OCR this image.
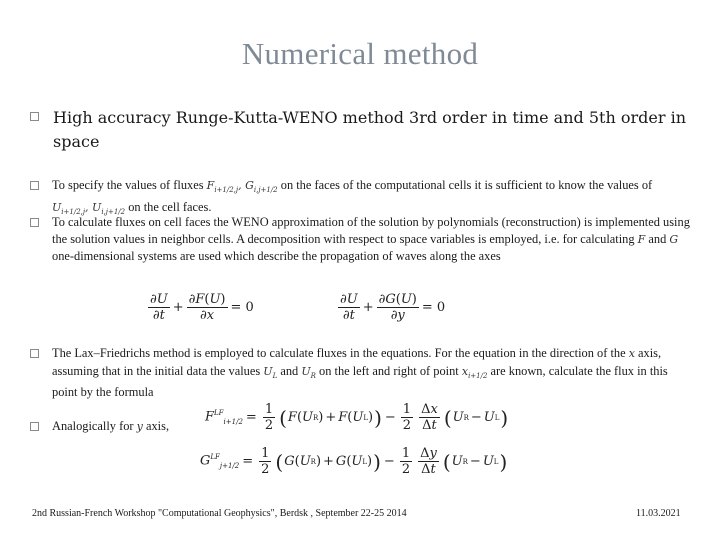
Numerical method
High accuracy Runge-Kutta-WENO method 3rd order in time and 5th order in space
To specify the values of fluxes $F_{i+1/2,j}$, $G_{i,j+1/2}$ on the faces of the computational cells it is sufficient to know the values of $U_{i+1/2,j}$, $U_{i,j+1/2}$ on the cell faces.
To calculate fluxes on cell faces the WENO approximation of the solution by polynomials (reconstruction) is implemented using the solution values in neighbor cells. A decomposition with respect to space variables is employed, i.e. for calculating F and G one-dimensional systems are used which describe the propagation of waves along the axes
$\frac{\partial U}{\partial t} + \frac{\partial F(U)}{\partial x} = 0$	$\frac{\partial U}{\partial t} + \frac{\partial G(U)}{\partial y} = 0$
The Lax–Friedrichs method is employed to calculate fluxes in the equations. For the equation in the direction of the x axis, assuming that in the initial data the values $U_L$ and $U_R$ on the left and right of point $x_{i+1/2}$ are known, calculate the flux in this point by the formula
Analogically for y axis,
$F^{LF}_{i+1/2} = \frac{1}{2}$ ( F ( U R ) + F ( U L ) ) − $\frac{1}{2} \frac{\Delta x}{\Delta t}$ ( U R − U L )
$G^{LF}_{j+1/2} = \frac{1}{2}$ ( G ( U R ) + G ( U L ) ) − $\frac{1}{2} \frac{\Delta y}{\Delta t}$ ( U R − U L )
2nd Russian-French Workshop "Computational Geophysics", Berdsk , September 22-25 2014	11.03.2021
